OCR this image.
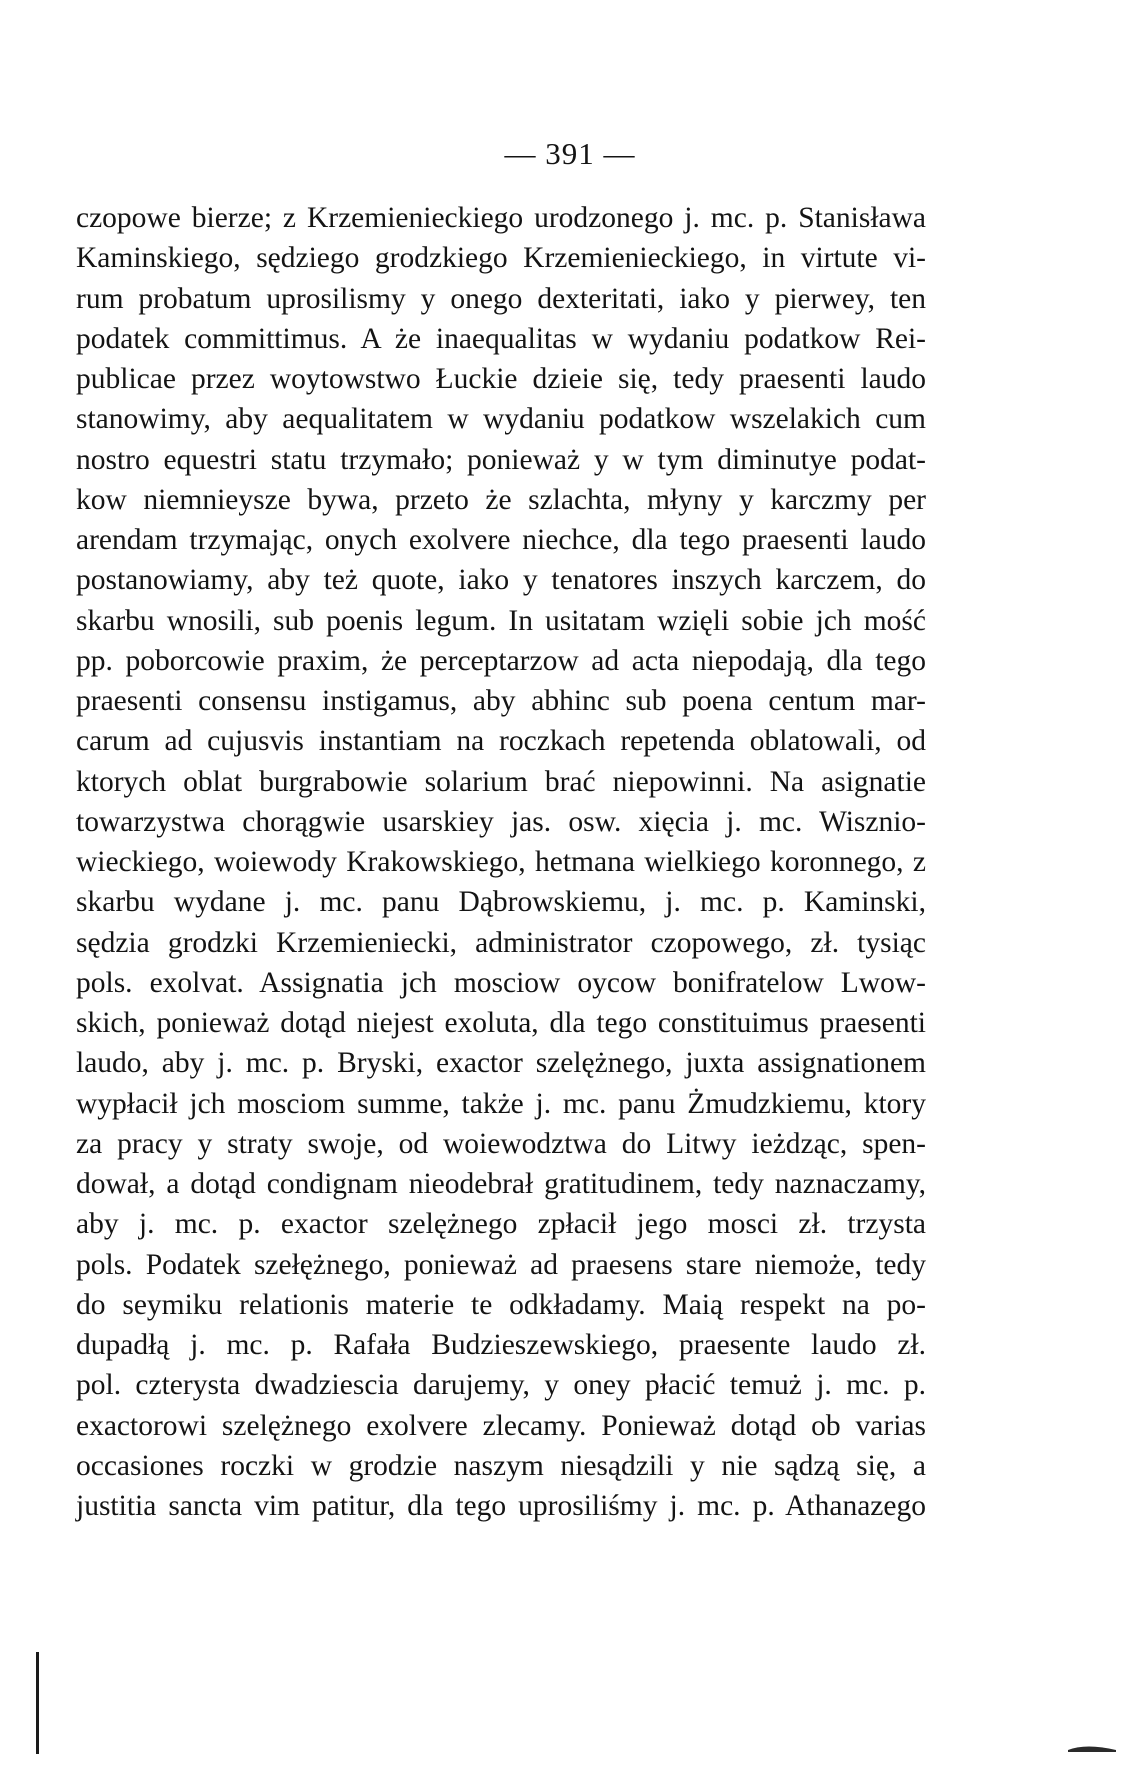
— 391 —
czopowe bierze; z Krzemienieckiego urodzonego j. mc. p. Stanisława
Kaminskiego, sędziego grodzkiego Krzemienieckiego, in virtute vi-
rum probatum uprosilismy y onego dexteritati, iako y pierwey, ten
podatek committimus. A że inaequalitas w wydaniu podatkow Rei-
publicae przez woytowstwo Łuckie dzieie się, tedy praesenti laudo
stanowimy, aby aequalitatem w wydaniu podatkow wszelakich cum
nostro equestri statu trzymało; ponieważ y w tym diminutye podat-
kow niemnieysze bywa, przeto że szlachta, młyny y karczmy per
arendam trzymając, onych exolvere niechce, dla tego praesenti laudo
postanowiamy, aby też quote, iako y tenatores inszych karczem, do
skarbu wnosili, sub poenis legum. In usitatam wzięli sobie jch mość
pp. poborcowie praxim, że perceptarzow ad acta niepodają, dla tego
praesenti consensu instigamus, aby abhinc sub poena centum mar-
carum ad cujusvis instantiam na roczkach repetenda oblatowali, od
ktorych oblat burgrabowie solarium brać niepowinni. Na asignatie
towarzystwa chorągwie usarskiey jas. osw. xięcia j. mc. Wisznio-
wieckiego, woiewody Krakowskiego, hetmana wielkiego koronnego, z
skarbu wydane j. mc. panu Dąbrowskiemu, j. mc. p. Kaminski,
sędzia grodzki Krzemieniecki, administrator czopowego, zł. tysiąc
pols. exolvat. Assignatia jch mosciow oycow bonifratelow Lwow-
skich, ponieważ dotąd niejest exoluta, dla tego constituimus praesenti
laudo, aby j. mc. p. Bryski, exactor szelężnego, juxta assignationem
wypłacił jch mosciom summe, także j. mc. panu Żmudzkiemu, ktory
za pracy y straty swoje, od woiewodztwa do Litwy ieżdząc, spen-
dował, a dotąd condignam nieodebrał gratitudinem, tedy naznaczamy,
aby j. mc. p. exactor szelężnego zpłacił jego mosci zł. trzysta
pols. Podatek szełężnego, ponieważ ad praesens stare niemoże, tedy
do seymiku relationis materie te odkładamy. Maią respekt na po-
dupadłą j. mc. p. Rafała Budzieszewskiego, praesente laudo zł.
pol. czterysta dwadziescia darujemy, y oney płacić temuż j. mc. p.
exactorowi szelężnego exolvere zlecamy. Ponieważ dotąd ob varias
occasiones roczki w grodzie naszym niesądzili y nie sądzą się, a
justitia sancta vim patitur, dla tego uprosiliśmy j. mc. p. Athanazego
